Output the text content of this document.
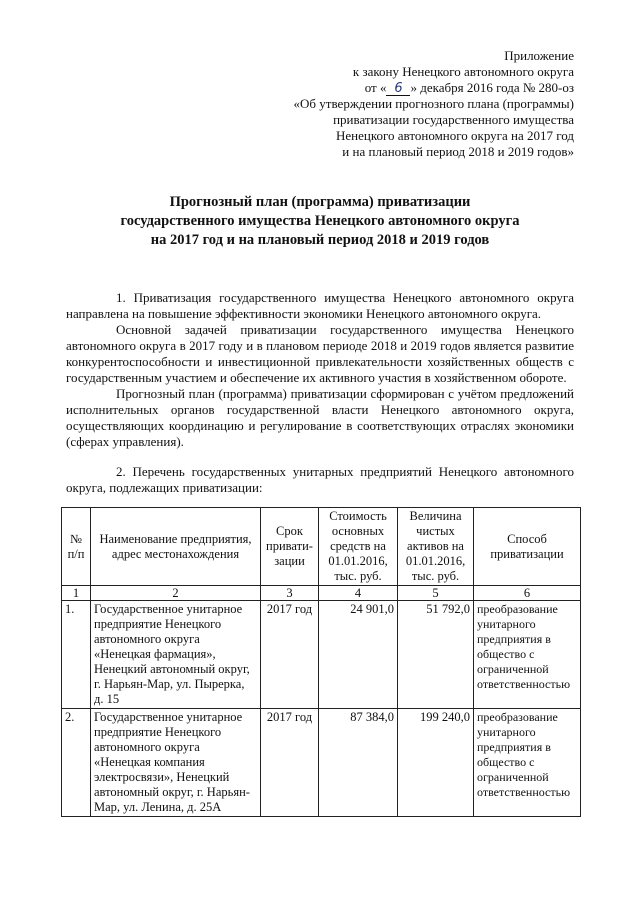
Приложение
к закону Ненецкого автономного округа
от « 6 » декабря 2016 года № 280-оз
«Об утверждении прогнозного плана (программы)
приватизации государственного имущества
Ненецкого автономного округа на 2017 год
и на плановый период 2018 и 2019 годов»
Прогнозный план (программа) приватизации
государственного имущества Ненецкого автономного округа
на 2017 год и на плановый период 2018 и 2019 годов

1. Приватизация государственного имущества Ненецкого автономного округа направлена на повышение эффективности экономики Ненецкого автономного округа.

Основной задачей приватизации государственного имущества Ненецкого автономного округа в 2017 году и в плановом периоде 2018 и 2019 годов является развитие конкурентоспособности и инвестиционной привлекательности хозяйственных обществ с государственным участием и обеспечение их активного участия в хозяйственном обороте.

Прогнозный план (программа) приватизации сформирован с учётом предложений исполнительных органов государственной власти Ненецкого автономного округа, осуществляющих координацию и регулирование в соответствующих отраслях экономики (сферах управления).

2. Перечень государственных унитарных предприятий Ненецкого автономного округа, подлежащих приватизации:

№ п/п	Наименование предприятия, адрес местонахождения	Срок привати-зации	Стоимость основных средств на 01.01.2016, тыс. руб.	Величина чистых активов на 01.01.2016, тыс. руб.	Способ приватизации
1	2	3	4	5	6
1.	Государственное унитарное предприятие Ненецкого автономного округа «Ненецкая фармация», Ненецкий автономный округ, г. Нарьян-Мар, ул. Пырерка, д. 15	2017 год	24 901,0	51 792,0	преобразование унитарного предприятия в общество с ограниченной ответственностью
2.	Государственное унитарное предприятие Ненецкого автономного округа «Ненецкая компания электросвязи», Ненецкий автономный округ, г. Нарьян-Мар, ул. Ленина, д. 25А	2017 год	87 384,0	199 240,0	преобразование унитарного предприятия в общество с ограниченной ответственностью
